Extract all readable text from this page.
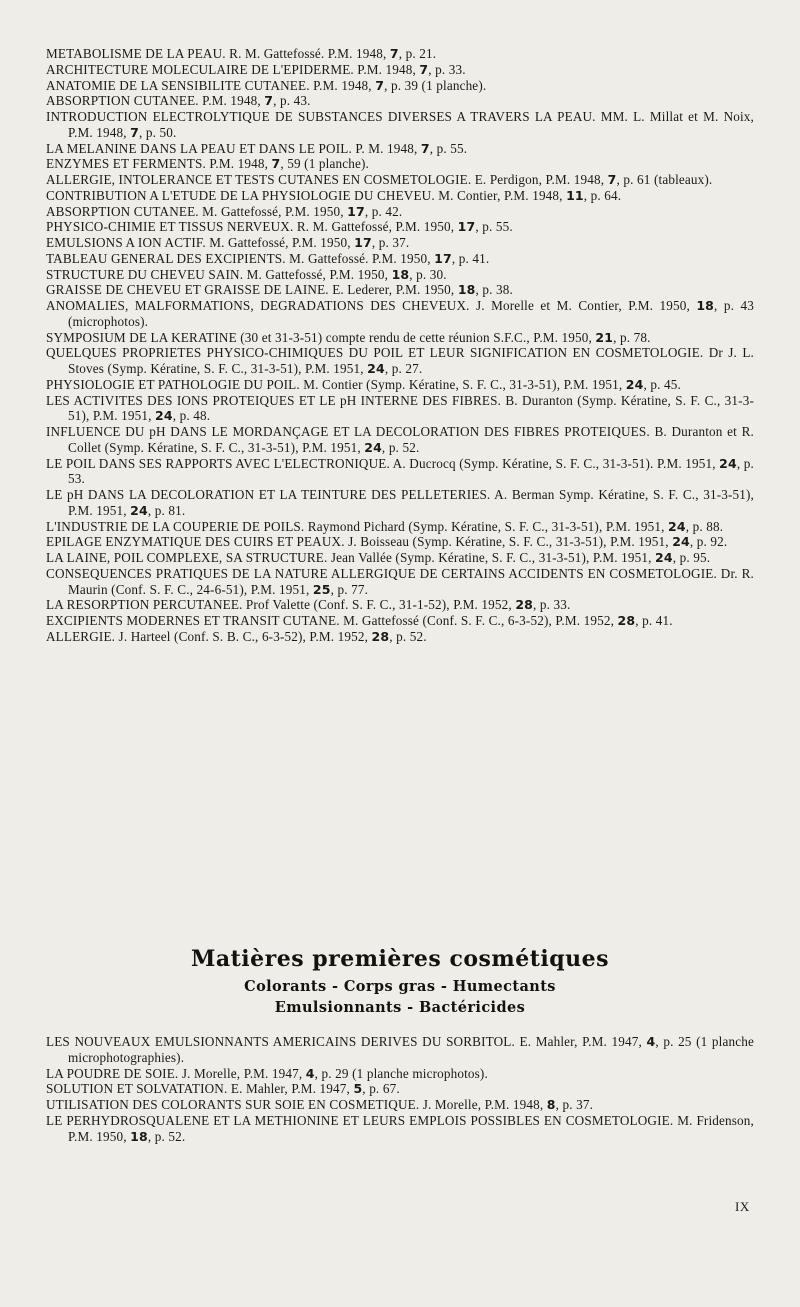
METABOLISME DE LA PEAU. R. M. Gattefossé. P.M. 1948, 7, p. 21.

ARCHITECTURE MOLECULAIRE DE L'EPIDERME. P.M. 1948, 7, p. 33.

ANATOMIE DE LA SENSIBILITE CUTANEE. P.M. 1948, 7, p. 39 (1 planche).

ABSORPTION CUTANEE. P.M. 1948, 7, p. 43.

INTRODUCTION ELECTROLYTIQUE DE SUBSTANCES DIVERSES A TRAVERS LA PEAU. MM. L. Millat et M. Noix, P.M. 1948, 7, p. 50.

LA MELANINE DANS LA PEAU ET DANS LE POIL. P. M. 1948, 7, p. 55.

ENZYMES ET FERMENTS. P.M. 1948, 7, 59 (1 planche).

ALLERGIE, INTOLERANCE ET TESTS CUTANES EN COSMETOLOGIE. E. Perdigon, P.M. 1948, 7, p. 61 (tableaux).

CONTRIBUTION A L'ETUDE DE LA PHYSIOLOGIE DU CHEVEU. M. Contier, P.M. 1948, 11, p. 64.

ABSORPTION CUTANEE. M. Gattefossé, P.M. 1950, 17, p. 42.

PHYSICO-CHIMIE ET TISSUS NERVEUX. R. M. Gattefossé, P.M. 1950, 17, p. 55.

EMULSIONS A ION ACTIF. M. Gattefossé, P.M. 1950, 17, p. 37.

TABLEAU GENERAL DES EXCIPIENTS. M. Gattefossé. P.M. 1950, 17, p. 41.

STRUCTURE DU CHEVEU SAIN. M. Gattefossé, P.M. 1950, 18, p. 30.

GRAISSE DE CHEVEU ET GRAISSE DE LAINE. E. Lederer, P.M. 1950, 18, p. 38.

ANOMALIES, MALFORMATIONS, DEGRADATIONS DES CHEVEUX. J. Morelle et M. Contier, P.M. 1950, 18, p. 43 (microphotos).

SYMPOSIUM DE LA KERATINE (30 et 31-3-51) compte rendu de cette réunion S.F.C., P.M. 1950, 21, p. 78.

QUELQUES PROPRIETES PHYSICO-CHIMIQUES DU POIL ET LEUR SIGNIFICATION EN COSMETOLOGIE. Dr J. L. Stoves (Symp. Kératine, S. F. C., 31-3-51), P.M. 1951, 24, p. 27.

PHYSIOLOGIE ET PATHOLOGIE DU POIL. M. Contier (Symp. Kératine, S. F. C., 31-3-51), P.M. 1951, 24, p. 45.

LES ACTIVITES DES IONS PROTEIQUES ET LE pH INTERNE DES FIBRES. B. Duranton (Symp. Kératine, S. F. C., 31-3-51), P.M. 1951, 24, p. 48.

INFLUENCE DU pH DANS LE MORDANÇAGE ET LA DECOLORATION DES FIBRES PROTEIQUES. B. Duranton et R. Collet (Symp. Kératine, S. F. C., 31-3-51), P.M. 1951, 24, p. 52.

LE POIL DANS SES RAPPORTS AVEC L'ELECTRONIQUE. A. Ducrocq (Symp. Kératine, S. F. C., 31-3-51). P.M. 1951, 24, p. 53.

LE pH DANS LA DECOLORATION ET LA TEINTURE DES PELLETERIES. A. Berman Symp. Kératine, S. F. C., 31-3-51), P.M. 1951, 24, p. 81.

L'INDUSTRIE DE LA COUPERIE DE POILS. Raymond Pichard (Symp. Kératine, S. F. C., 31-3-51), P.M. 1951, 24, p. 88.

EPILAGE ENZYMATIQUE DES CUIRS ET PEAUX. J. Boisseau (Symp. Kératine, S. F. C., 31-3-51), P.M. 1951, 24, p. 92.

LA LAINE, POIL COMPLEXE, SA STRUCTURE. Jean Vallée (Symp. Kératine, S. F. C., 31-3-51), P.M. 1951, 24, p. 95.

CONSEQUENCES PRATIQUES DE LA NATURE ALLERGIQUE DE CERTAINS ACCIDENTS EN COSMETOLOGIE. Dr. R. Maurin (Conf. S. F. C., 24-6-51), P.M. 1951, 25, p. 77.

LA RESORPTION PERCUTANEE. Prof Valette (Conf. S. F. C., 31-1-52), P.M. 1952, 28, p. 33.

EXCIPIENTS MODERNES ET TRANSIT CUTANE. M. Gattefossé (Conf. S. F. C., 6-3-52), P.M. 1952, 28, p. 41.

ALLERGIE. J. Harteel (Conf. S. B. C., 6-3-52), P.M. 1952, 28, p. 52.

Matières premières cosmétiques
Colorants - Corps gras - Humectants
Emulsionnants - Bactéricides

LES NOUVEAUX EMULSIONNANTS AMERICAINS DERIVES DU SORBITOL. E. Mahler, P.M. 1947, 4, p. 25 (1 planche microphotographies).

LA POUDRE DE SOIE. J. Morelle, P.M. 1947, 4, p. 29 (1 planche microphotos).

SOLUTION ET SOLVATATION. E. Mahler, P.M. 1947, 5, p. 67.

UTILISATION DES COLORANTS SUR SOIE EN COSMETIQUE. J. Morelle, P.M. 1948, 8, p. 37.

LE PERHYDROSQUALENE ET LA METHIONINE ET LEURS EMPLOIS POSSIBLES EN COSMETOLOGIE. M. Fridenson, P.M. 1950, 18, p. 52.

IX
